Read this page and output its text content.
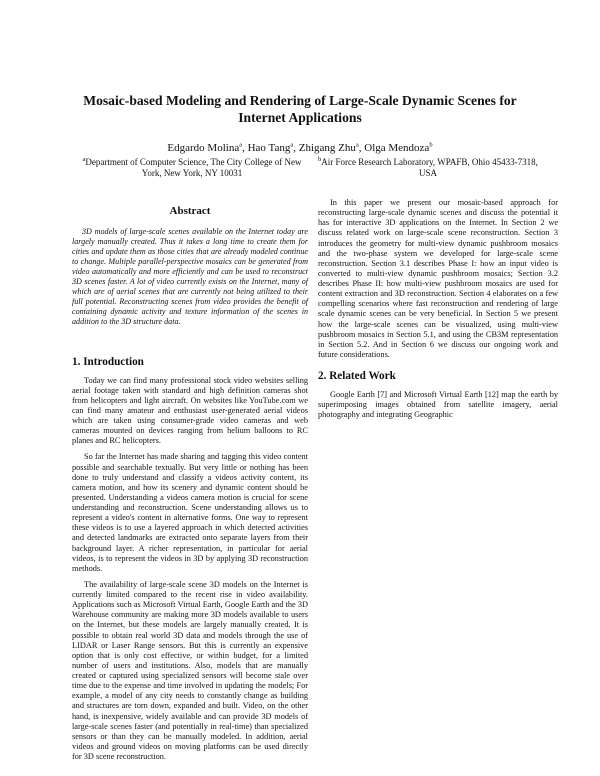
Mosaic-based Modeling and Rendering of Large-Scale Dynamic Scenes for Internet Applications
Edgardo Molina$^a$, Hao Tang$^a$, Zhigang Zhu$^a$, Olga Mendoza$^b$
$^a$Department of Computer Science, The City College of New York, New York, NY 10031
$^b$Air Force Research Laboratory, WPAFB, Ohio 45433-7318, USA
Abstract

3D models of large-scale scenes available on the Internet today are largely manually created. Thus it takes a long time to create them for cities and update them as those cities that are already modeled continue to change. Multiple parallel-perspective mosaics can be generated from video automatically and more efficiently and can be used to reconstruct 3D scenes faster. A lot of video currently exists on the Internet, many of which are of aerial scenes that are currently not being utilized to their full potential. Reconstructing scenes from video provides the benefit of containing dynamic activity and texture information of the scenes in addition to the 3D structure data.

1. Introduction

Today we can find many professional stock video websites selling aerial footage taken with standard and high definition cameras shot from helicopters and light aircraft. On websites like YouTube.com we can find many amateur and enthusiast user-generated aerial videos which are taken using consumer-grade video cameras and web cameras mounted on devices ranging from helium balloons to RC planes and RC helicopters.

So far the Internet has made sharing and tagging this video content possible and searchable textually. But very little or nothing has been done to truly understand and classify a videos activity content, its camera motion, and how its scenery and dynamic content should be presented. Understanding a videos camera motion is crucial for scene understanding and reconstruction. Scene understanding allows us to represent a video's content in alternative forms. One way to represent these videos is to use a layered approach in which detected activities and detected landmarks are extracted onto separate layers from their background layer. A richer representation, in particular for aerial videos, is to represent the videos in 3D by applying 3D reconstruction methods.

The availability of large-scale scene 3D models on the Internet is currently limited compared to the recent rise in video availability. Applications such as Microsoft Virtual Earth, Google Earth and the 3D Warehouse community are making more 3D models available to users on the Internet, but these models are largely manually created. It is possible to obtain real world 3D data and models through the use of LIDAR or Laser Range sensors. But this is currently an expensive option that is only cost effective, or within budget, for a limited number of users and institutions. Also, models that are manually created or captured using specialized sensors will become stale over time due to the expense and time involved in updating the models; For example, a model of any city needs to constantly change as building and structures are torn down, expanded and built. Video, on the other hand, is inexpensive, widely available and can provide 3D models of large-scale scenes faster (and potentially in real-time) than specialized sensors or than they can be manually modeled. In addition, aerial videos and ground videos on moving platforms can be used directly for 3D scene reconstruction.

In this paper we present our mosaic-based approach for reconstructing large-scale dynamic scenes and discuss the potential it has for interactive 3D applications on the Internet. In Section 2 we discuss related work on large-scale scene reconstruction. Section 3 introduces the geometry for multi-view dynamic pushbroom mosaics and the two-phase system we developed for large-scale scene reconstruction. Section 3.1 describes Phase I: how an input video is converted to multi-view dynamic pushbroom mosaics; Section 3.2 describes Phase II: how multi-view pushbroom mosaics are used for content extraction and 3D reconstruction. Section 4 elaborates on a few compelling scenarios where fast reconstruction and rendering of large scale dynamic scenes can be very beneficial. In Section 5 we present how the large-scale scenes can be visualized, using multi-view pushbroom mosaics in Section 5.1, and using the CB3M representation in Section 5.2. And in Section 6 we discuss our ongoing work and future considerations.

2. Related Work

Google Earth [7] and Microsoft Virtual Earth [12] map the earth by superimposing images obtained from satellite imagery, aerial photography and integrating Geographic
